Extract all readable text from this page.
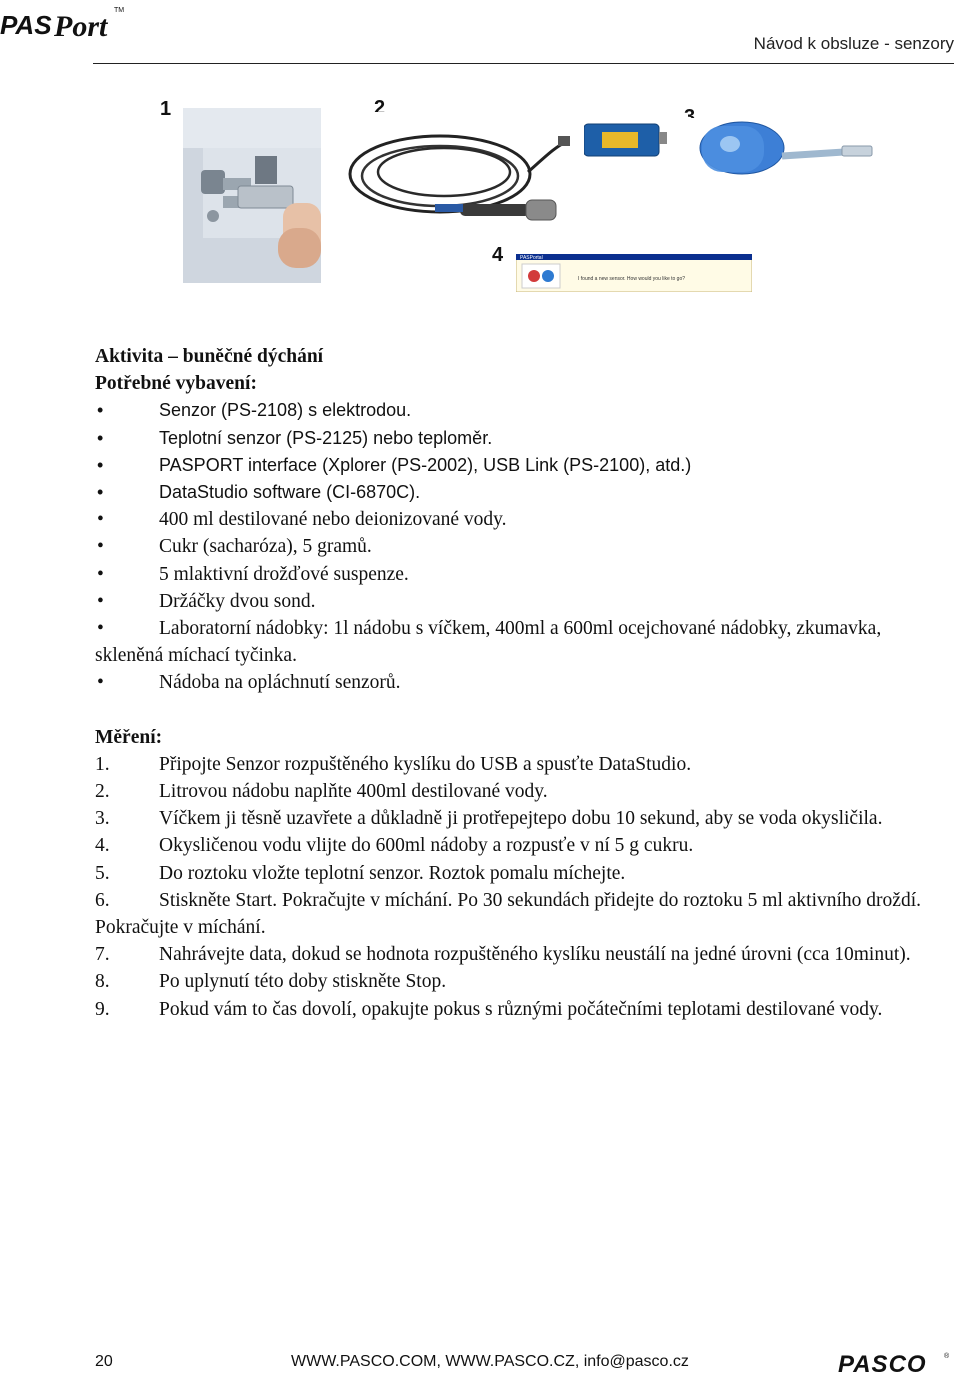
PAS Port TM
Návod k obsluze - senzory
1	2	3
4	PASPortal
I found a new sensor. How would you like to go?

Aktivita – buněčné dýchání

Potřebné vybavení:

•	Senzor (PS-2108) s elektrodou.

•	Teplotní senzor (PS-2125) nebo teploměr.

•	PASPORT interface (Xplorer (PS-2002), USB Link (PS-2100), atd.)

•	DataStudio software (CI-6870C).

•	400 ml destilované nebo deionizované vody.

•	Cukr (sacharóza), 5 gramů.

•	5 mlaktivní drožďové suspenze.

•	Držáčky dvou sond.

•	Laboratorní nádobky: 1l nádobu s víčkem, 400ml a 600ml ocejchované nádobky, zkumavka, skleněná míchací tyčinka.

•	Nádoba na opláchnutí senzorů.

Měření:

1.	Připojte Senzor rozpuštěného kyslíku do USB a spusťte DataStudio.

2.	Litrovou nádobu naplňte 400ml destilované vody.

3.	Víčkem ji těsně uzavřete a důkladně ji protřepejtepo dobu 10 sekund, aby se voda okysličila.

4.	Okysličenou vodu vlijte do 600ml nádoby a rozpusťe v ní 5 g cukru.

5.	Do roztoku vložte teplotní senzor. Roztok pomalu míchejte.

6.	Stiskněte Start. Pokračujte v míchání. Po 30 sekundách přidejte do roztoku 5 ml aktivního droždí. Pokračujte v míchání.

7.	Nahrávejte data, dokud se hodnota rozpuštěného kyslíku neustálí na jedné úrovni (cca 10minut).

8.	Po uplynutí této doby stiskněte Stop.

9.	Pokud vám to čas dovolí, opakujte pokus s různými počátečními teplotami destilované vody.

20	WWW.PASCO.COM, WWW.PASCO.CZ, info@pasco.cz	PASCO ®
